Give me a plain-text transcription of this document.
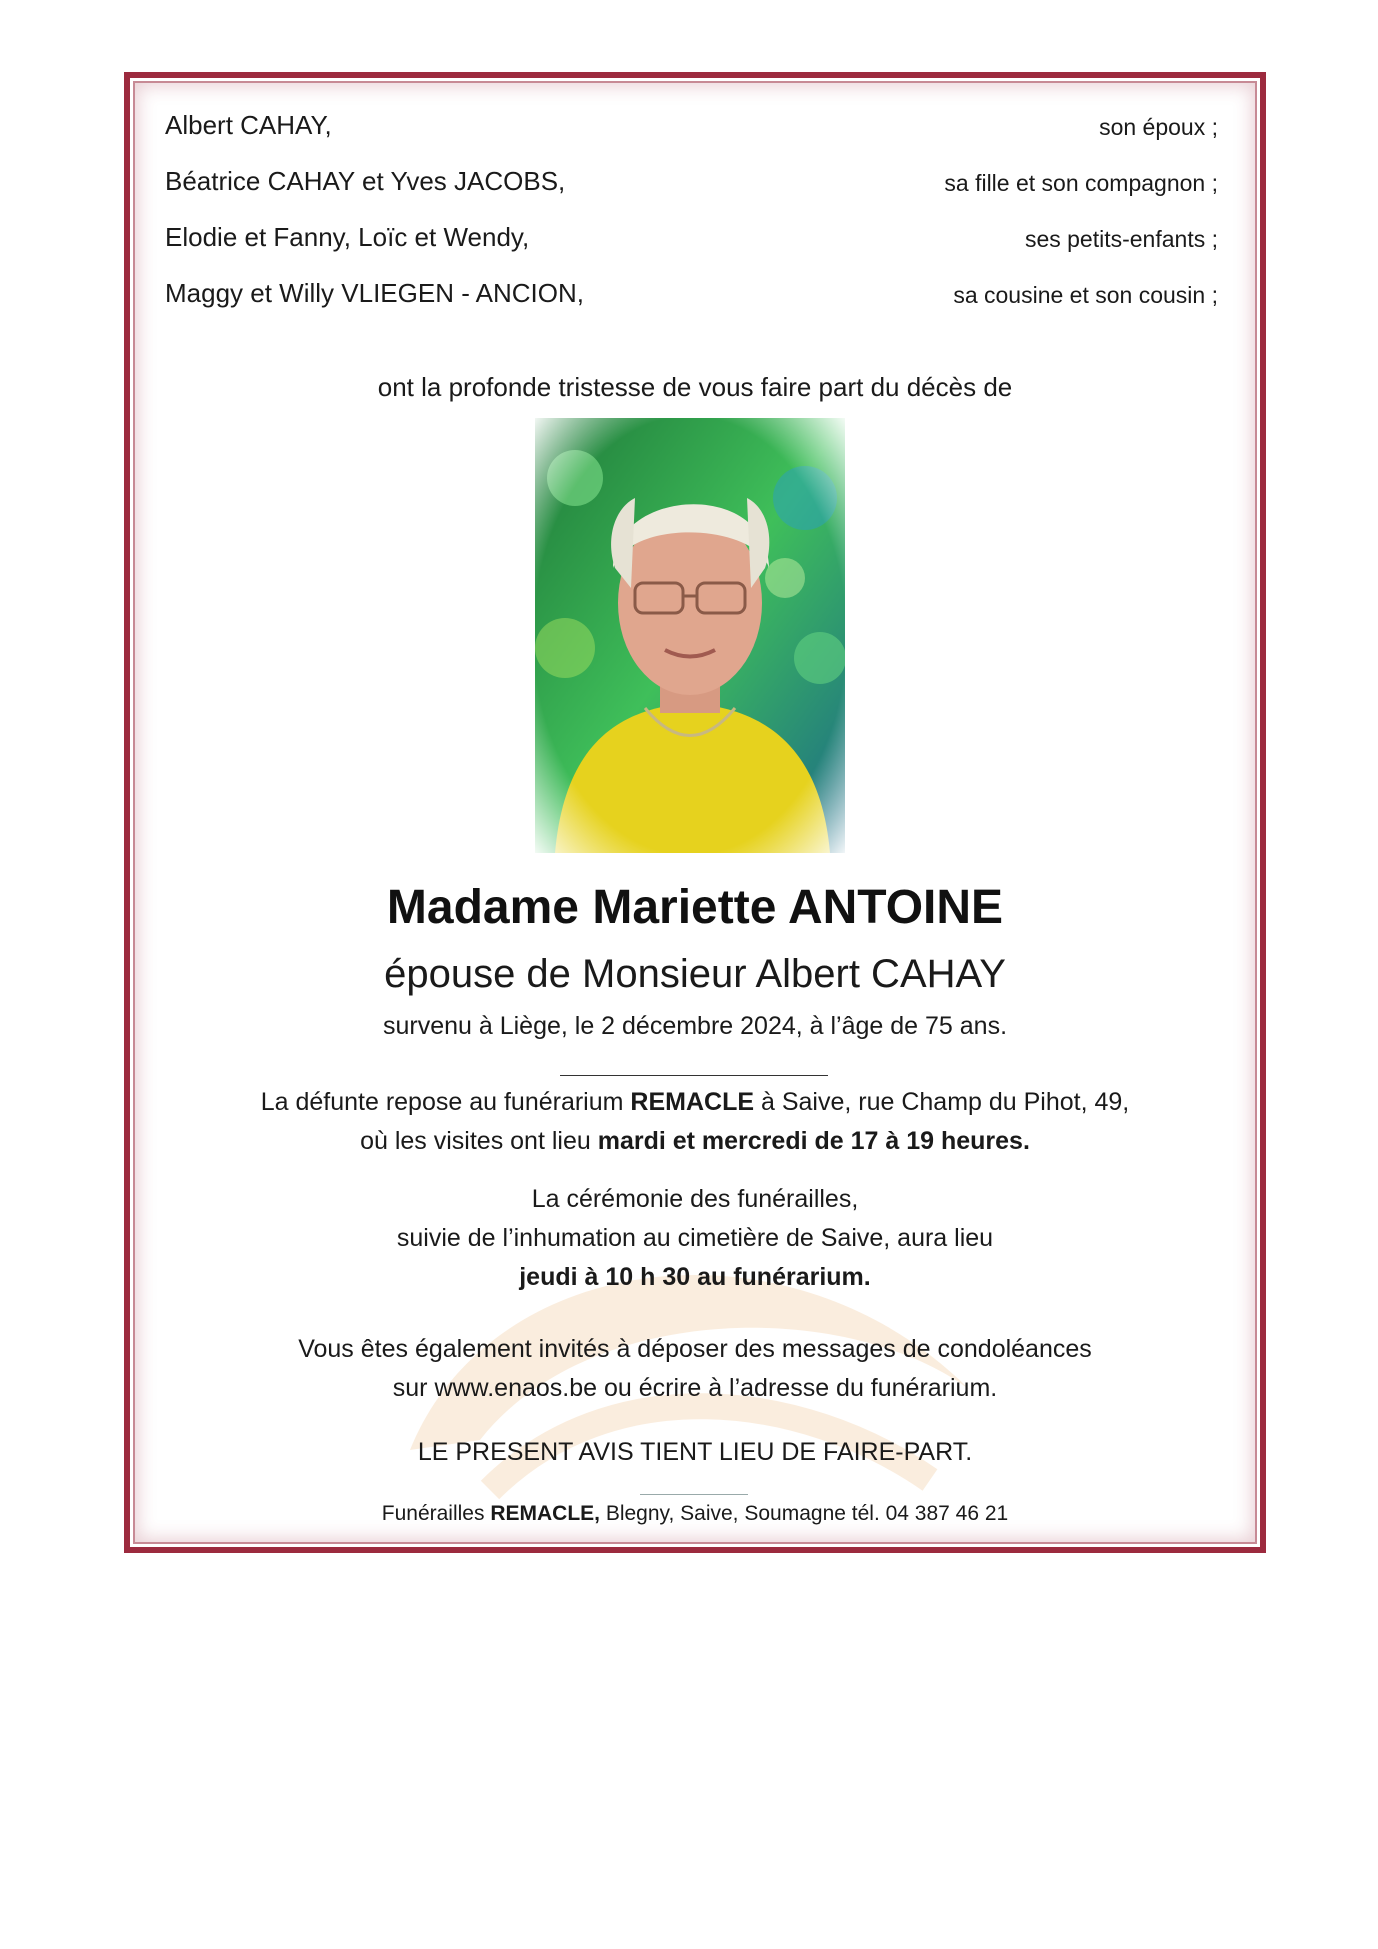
Albert CAHAY,	son époux ;
Béatrice CAHAY et Yves JACOBS,	sa fille et son compagnon ;
Elodie et Fanny, Loïc et Wendy,	ses petits-enfants ;
Maggy et Willy VLIEGEN - ANCION,	sa cousine et son cousin ;
ont la profonde tristesse de vous faire part du décès de
Madame Mariette ANTOINE
épouse de Monsieur Albert CAHAY
survenu à Liège, le 2 décembre 2024, à l’âge de 75 ans.
La défunte repose au funérarium REMACLE à Saive, rue Champ du Pihot, 49,
où les visites ont lieu mardi et mercredi de 17 à 19 heures.
La cérémonie des funérailles,
suivie de l’inhumation au cimetière de Saive, aura lieu
jeudi à 10 h 30 au funérarium.
Vous êtes également invités à déposer des messages de condoléances
sur www.enaos.be ou écrire à l’adresse du funérarium.
LE PRESENT AVIS TIENT LIEU DE FAIRE-PART.
Funérailles REMACLE, Blegny, Saive, Soumagne tél. 04 387 46 21
